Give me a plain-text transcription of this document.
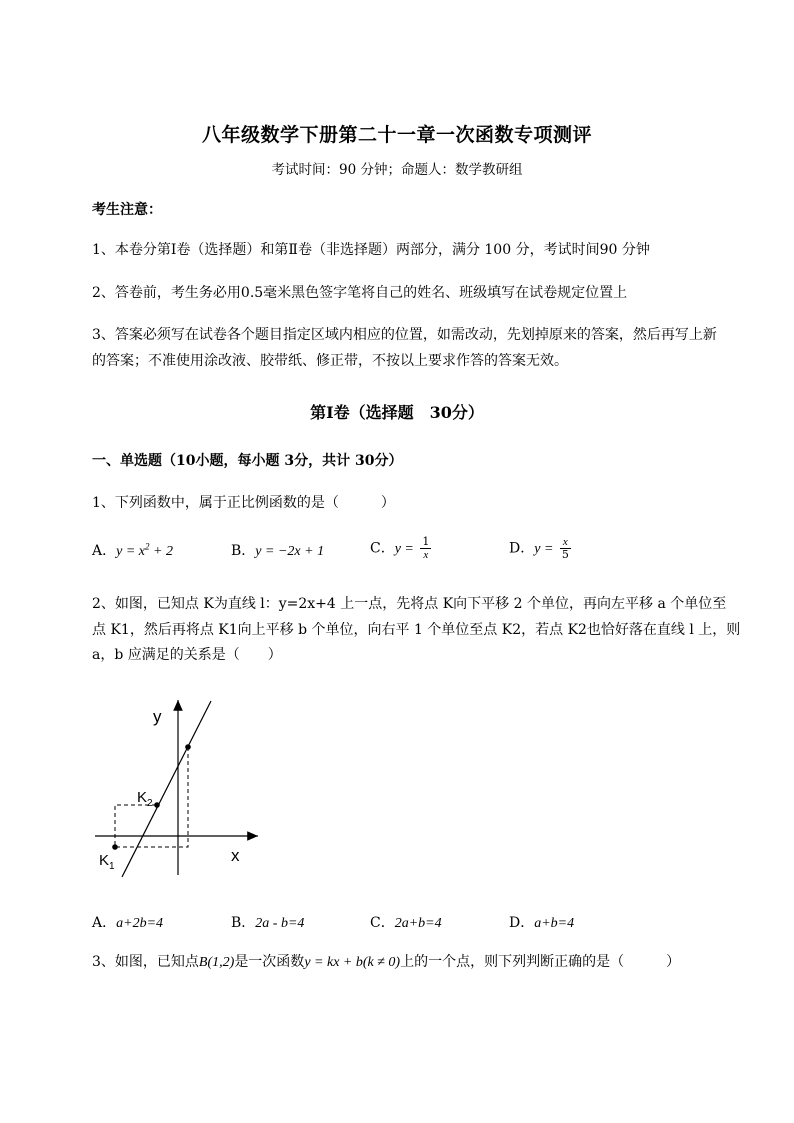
八年级数学下册第二十一章一次函数专项测评
考试时间：90 分钟；命题人：数学教研组
考生注意：
1、本卷分第Ⅰ卷（选择题）和第Ⅱ卷（非选择题）两部分，满分 100 分，考试时间90 分钟
2、答卷前，考生务必用0.5毫米黑色签字笔将自己的姓名、班级填写在试卷规定位置上
3、答案必须写在试卷各个题目指定区域内相应的位置，如需改动，先划掉原来的答案，然后再写上新
的答案；不准使用涂改液、胶带纸、修正带，不按以上要求作答的答案无效。
第Ⅰ卷（选择题　30分）
一、单选题（10小题，每小题 3分，共计 30分）
1、下列函数中，属于正比例函数的是（　　　）
A．$y = x^2 + 2$	B．y = −2x + 1	C．$y = \frac{1}{x}$	D．$y = \frac{x}{5}$
2、如图，已知点 K为直线 l：y=2x+4 上一点，先将点 K向下平移 2 个单位，再向左平移 a 个单位至
点 K1，然后再将点 K1向上平移 b 个单位，向右平 1 个单位至点 K2，若点 K2也恰好落在直线 l 上，则
a，b 应满足的关系是（　　）
y
x
$K_2$
$K_1$
A．a+2b=4	B．2a - b=4	C．2a+b=4	D．a+b=4
3、如图，已知点B(1,2)是一次函数y = kx + b(k ≠ 0)上的一个点，则下列判断正确的是（　　　）
